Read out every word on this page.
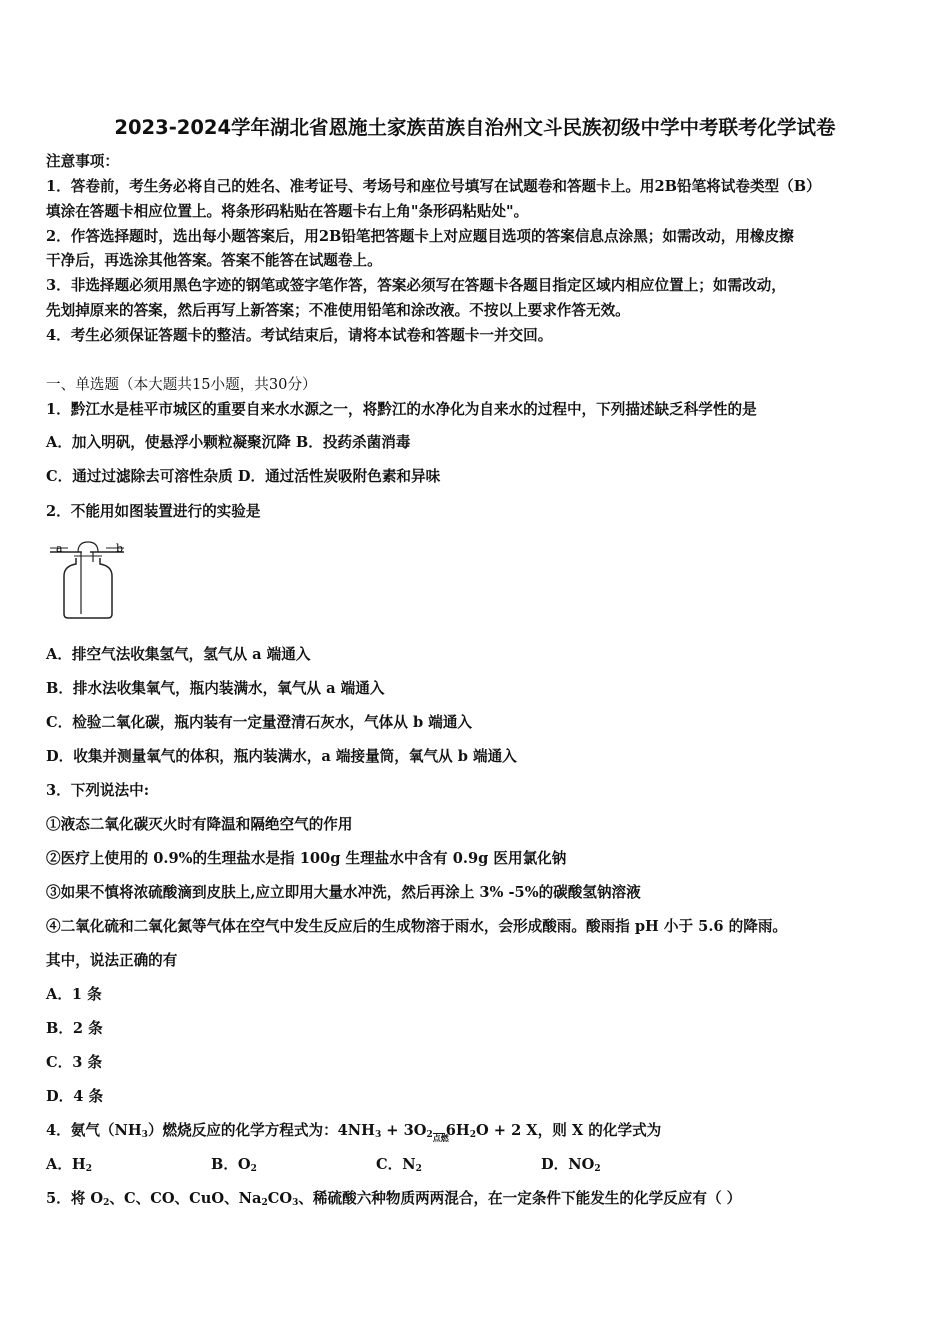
2023-2024学年湖北省恩施土家族苗族自治州文斗民族初级中学中考联考化学试卷
注意事项：
1．答卷前，考生务必将自己的姓名、准考证号、考场号和座位号填写在试题卷和答题卡上。用2B铅笔将试卷类型（B）
填涂在答题卡相应位置上。将条形码粘贴在答题卡右上角"条形码粘贴处"。
2．作答选择题时，选出每小题答案后，用2B铅笔把答题卡上对应题目选项的答案信息点涂黑；如需改动，用橡皮擦
干净后，再选涂其他答案。答案不能答在试题卷上。
3．非选择题必须用黑色字迹的钢笔或签字笔作答，答案必须写在答题卡各题目指定区域内相应位置上；如需改动，
先划掉原来的答案，然后再写上新答案；不准使用铅笔和涂改液。不按以上要求作答无效。
4．考生必须保证答题卡的整洁。考试结束后，请将本试卷和答题卡一并交回。
一、单选题（本大题共15小题，共30分）
1．黔江水是桂平市城区的重要自来水水源之一，将黔江的水净化为自来水的过程中，下列描述缺乏科学性的是
A．加入明矾，使悬浮小颗粒凝聚沉降 B．投药杀菌消毒
C．通过过滤除去可溶性杂质 D．通过活性炭吸附色素和异味
2．不能用如图装置进行的实验是
a	b
A．排空气法收集氢气，氢气从 a 端通入
B．排水法收集氧气，瓶内装满水，氧气从 a 端通入
C．检验二氧化碳，瓶内装有一定量澄清石灰水，气体从 b 端通入
D．收集并测量氧气的体积，瓶内装满水，a 端接量筒，氧气从 b 端通入
3．下列说法中:
①液态二氧化碳灭火时有降温和隔绝空气的作用
②医疗上使用的 0.9%的生理盐水是指 100g 生理盐水中含有 0.9g 医用氯化钠
③如果不慎将浓硫酸滴到皮肤上,应立即用大量水冲洗，然后再涂上 3% -5%的碳酸氢钠溶液
④二氧化硫和二氧化氮等气体在空气中发生反应后的生成物溶于雨水，会形成酸雨。酸雨指 pH 小于 5.6 的降雨。
其中，说法正确的有
A．1 条
B．2 条
C．3 条
D．4 条
4．氨气$(NH_3)$燃烧反应的化学方程式为：$4NH_3 + 3O_2$ 点燃
$6H_2O + 2$ X，则 X 的化学式为
A．$H_2$	B．$O_2$	C．$N_2$	D．$NO_2$
5．将 $O_2$、C、CO、CuO、$Na_2CO_3$、稀硫酸六种物质两两混合，在一定条件下能发生的化学反应有（ ）
